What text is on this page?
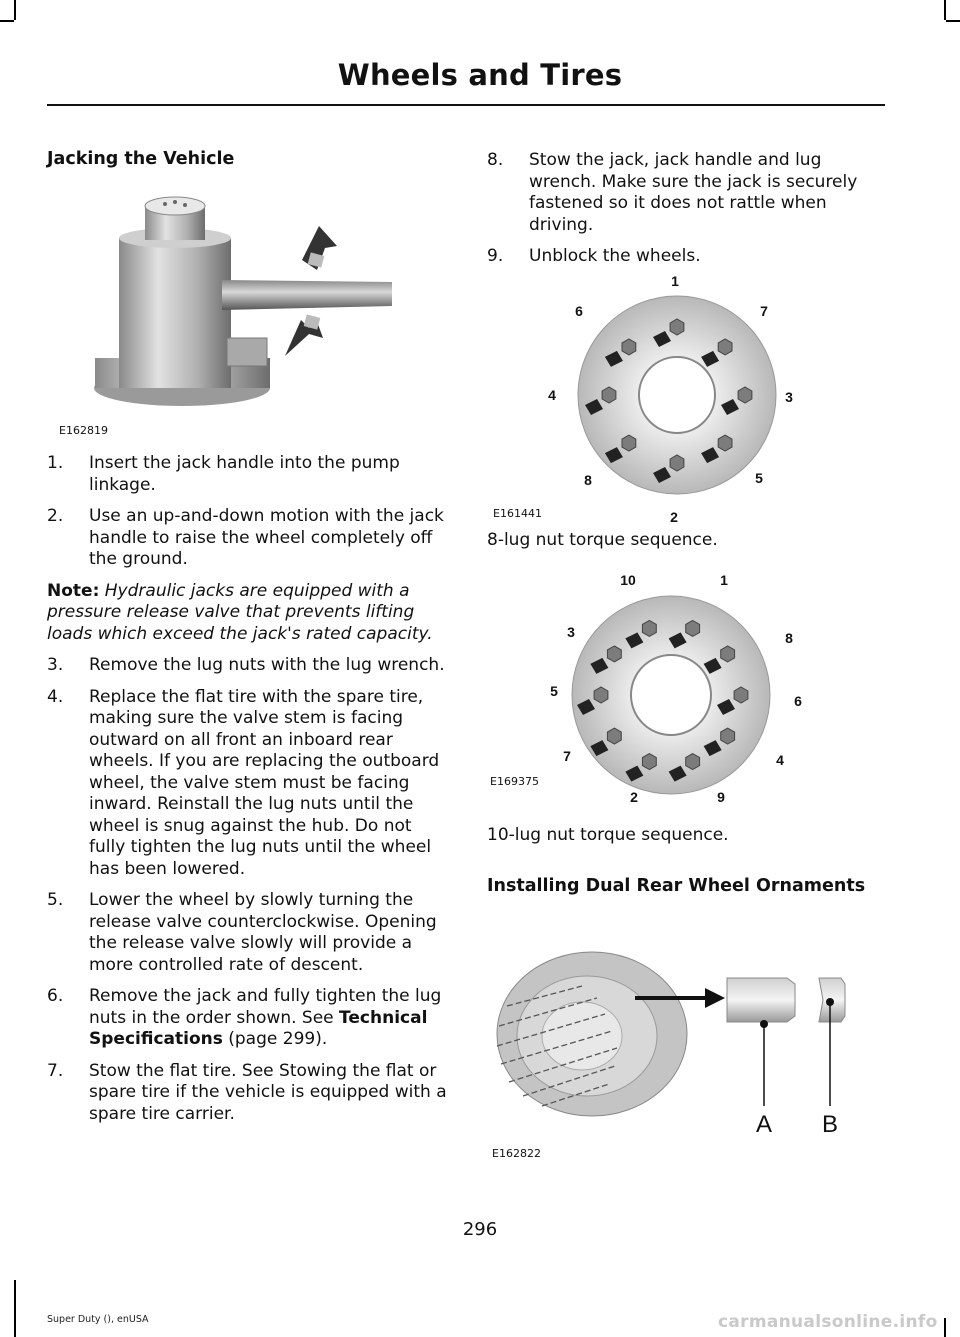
Wheels and Tires
Jacking the Vehicle
E162819
1. Insert the jack handle into the pump linkage.
2. Use an up-and-down motion with the jack handle to raise the wheel completely off the ground.
Note: Hydraulic jacks are equipped with a pressure release valve that prevents lifting loads which exceed the jack's rated capacity.
3. Remove the lug nuts with the lug wrench.
4. Replace the flat tire with the spare tire, making sure the valve stem is facing outward on all front an inboard rear wheels. If you are replacing the outboard wheel, the valve stem must be facing inward. Reinstall the lug nuts until the wheel is snug against the hub. Do not fully tighten the lug nuts until the wheel has been lowered.
5. Lower the wheel by slowly turning the release valve counterclockwise. Opening the release valve slowly will provide a more controlled rate of descent.
6. Remove the jack and fully tighten the lug nuts in the order shown. See Technical Specifications (page 299).
7. Stow the flat tire. See Stowing the flat or spare tire if the vehicle is equipped with a spare tire carrier.
8. Stow the jack, jack handle and lug wrench. Make sure the jack is securely fastened so it does not rattle when driving.
9. Unblock the wheels.
1
7
3
5
2
8
4
6
E161441
8-lug nut torque sequence.
1
8
6
4
9
2
7
5
3
10
E169375
10-lug nut torque sequence.
Installing Dual Rear Wheel Ornaments
A B
E162822
296
Super Duty (), enUSA	carmanualsonline.info
